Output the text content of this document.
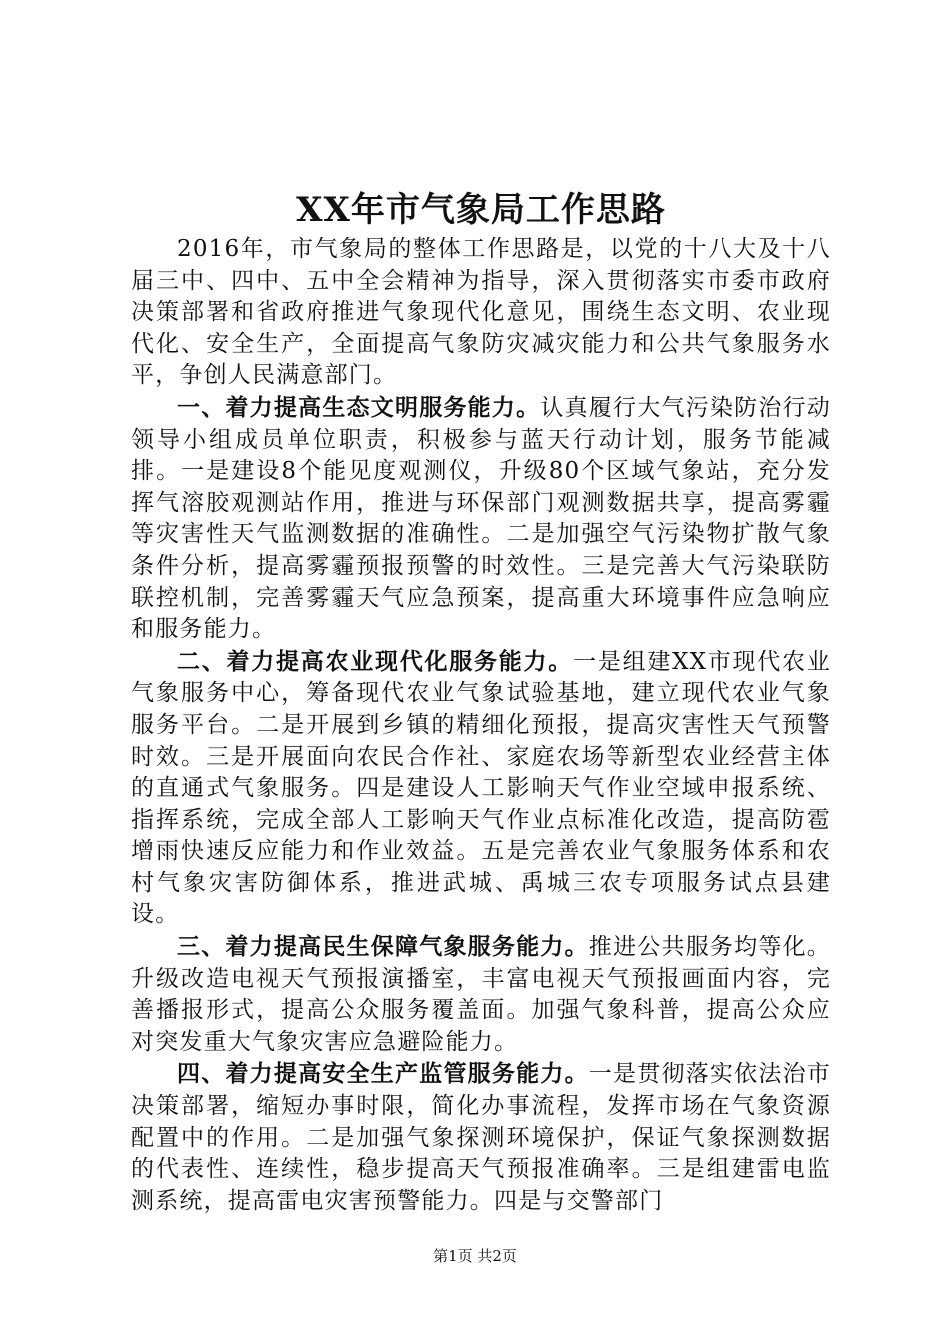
XX年市气象局工作思路

2016年，市气象局的整体工作思路是，以党的十八大及十八届三中、四中、五中全会精神为指导，深入贯彻落实市委市政府决策部署和省政府推进气象现代化意见，围绕生态文明、农业现代化、安全生产，全面提高气象防灾减灾能力和公共气象服务水平，争创人民满意部门。

一、着力提高生态文明服务能力。认真履行大气污染防治行动领导小组成员单位职责，积极参与蓝天行动计划，服务节能减排。一是建设8个能见度观测仪，升级80个区域气象站，充分发挥气溶胶观测站作用，推进与环保部门观测数据共享，提高雾霾等灾害性天气监测数据的准确性。二是加强空气污染物扩散气象条件分析，提高雾霾预报预警的时效性。三是完善大气污染联防联控机制，完善雾霾天气应急预案，提高重大环境事件应急响应和服务能力。

二、着力提高农业现代化服务能力。一是组建XX市现代农业气象服务中心，筹备现代农业气象试验基地，建立现代农业气象服务平台。二是开展到乡镇的精细化预报，提高灾害性天气预警时效。三是开展面向农民合作社、家庭农场等新型农业经营主体的直通式气象服务。四是建设人工影响天气作业空域申报系统、指挥系统，完成全部人工影响天气作业点标准化改造，提高防雹增雨快速反应能力和作业效益。五是完善农业气象服务体系和农村气象灾害防御体系，推进武城、禹城三农专项服务试点县建设。

三、着力提高民生保障气象服务能力。推进公共服务均等化。升级改造电视天气预报演播室，丰富电视天气预报画面内容，完善播报形式，提高公众服务覆盖面。加强气象科普，提高公众应对突发重大气象灾害应急避险能力。

四、着力提高安全生产监管服务能力。一是贯彻落实依法治市决策部署，缩短办事时限，简化办事流程，发挥市场在气象资源配置中的作用。二是加强气象探测环境保护，保证气象探测数据的代表性、连续性，稳步提高天气预报准确率。三是组建雷电监测系统，提高雷电灾害预警能力。四是与交警部门

第1页 共2页
